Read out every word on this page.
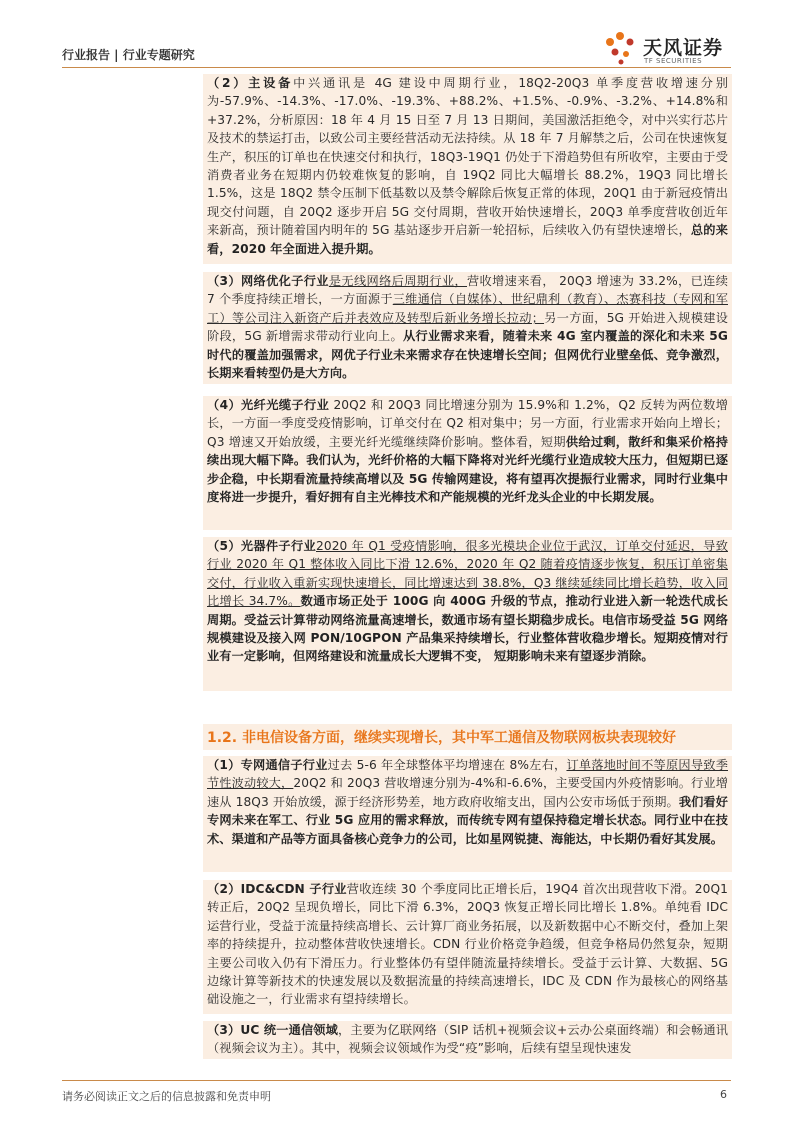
行业报告 | 行业专题研究	天风证券
TF SECURITIES

（2）主设备中兴通讯是 4G 建设中周期行业，18Q2-20Q3 单季度营收增速分别为-57.9%、-14.3%、-17.0%、-19.3%、+88.2%、+1.5%、-0.9%、-3.2%、+14.8%和+37.2%，分析原因：18 年 4 月 15 日至 7 月 13 日期间，美国激活拒绝令，对中兴实行芯片及技术的禁运打击，以致公司主要经营活动无法持续。从 18 年 7 月解禁之后，公司在快速恢复生产，积压的订单也在快速交付和执行，18Q3-19Q1 仍处于下滑趋势但有所收窄，主要由于受消费者业务在短期内仍较难恢复的影响，自 19Q2 同比大幅增长 88.2%，19Q3 同比增长 1.5%，这是 18Q2 禁令压制下低基数以及禁令解除后恢复正常的体现，20Q1 由于新冠疫情出现交付问题，自 20Q2 逐步开启 5G 交付周期，营收开始快速增长，20Q3 单季度营收创近年来新高，预计随着国内明年的 5G 基站逐步开启新一轮招标，后续收入仍有望快速增长，总的来看，2020 年全面进入提升期。

（3）网络优化子行业是无线网络后周期行业，营收增速来看， 20Q3 增速为 33.2%，已连续 7 个季度持续正增长，一方面源于三维通信（自媒体）、世纪鼎利（教育）、杰赛科技（专网和军工）等公司注入新资产后并表效应及转型后新业务增长拉动；另一方面，5G 开始进入规模建设阶段，5G 新增需求带动行业向上。从行业需求来看，随着未来 4G 室内覆盖的深化和未来 5G 时代的覆盖加强需求，网优子行业未来需求存在快速增长空间；但网优行业壁垒低、竞争激烈，长期来看转型仍是大方向。

（4）光纤光缆子行业 20Q2 和 20Q3 同比增速分别为 15.9%和 1.2%，Q2 反转为两位数增长，一方面一季度受疫情影响，订单交付在 Q2 相对集中；另一方面，行业需求开始向上增长；Q3 增速又开始放缓，主要光纤光缆继续降价影响。整体看，短期供给过剩，散纤和集采价格持续出现大幅下降。我们认为，光纤价格的大幅下降将对光纤光缆行业造成较大压力，但短期已逐步企稳，中长期看流量持续高增以及 5G 传输网建设，将有望再次提振行业需求，同时行业集中度将进一步提升，看好拥有自主光棒技术和产能规模的光纤龙头企业的中长期发展。

（5）光器件子行业2020 年 Q1 受疫情影响，很多光模块企业位于武汉，订单交付延迟，导致行业 2020 年 Q1 整体收入同比下滑 12.6%，2020 年 Q2 随着疫情逐步恢复，积压订单密集交付，行业收入重新实现快速增长，同比增速达到 38.8%，Q3 继续延续同比增长趋势，收入同比增长 34.7%。数通市场正处于 100G 向 400G 升级的节点，推动行业进入新一轮迭代成长周期。受益云计算带动网络流量高速增长，数通市场有望长期稳步成长。电信市场受益 5G 网络规模建设及接入网 PON/10GPON 产品集采持续增长，行业整体营收稳步增长。短期疫情对行业有一定影响，但网络建设和流量成长大逻辑不变， 短期影响未来有望逐步消除。

1.2. 非电信设备方面，继续实现增长，其中军工通信及物联网板块表现较好

（1）专网通信子行业过去 5-6 年全球整体平均增速在 8%左右，订单落地时间不等原因导致季节性波动较大，20Q2 和 20Q3 营收增速分别为-4%和-6.6%，主要受国内外疫情影响。行业增速从 18Q3 开始放缓，源于经济形势差，地方政府收缩支出，国内公安市场低于预期。我们看好专网未来在军工、行业 5G 应用的需求释放，而传统专网有望保持稳定增长状态。同行业中在技术、渠道和产品等方面具备核心竞争力的公司，比如星网锐捷、海能达，中长期仍看好其发展。

（2）IDC&CDN 子行业营收连续 30 个季度同比正增长后，19Q4 首次出现营收下滑。20Q1 转正后，20Q2 呈现负增长，同比下滑 6.3%，20Q3 恢复正增长同比增长 1.8%。单纯看 IDC 运营行业，受益于流量持续高增长、云计算厂商业务拓展，以及新数据中心不断交付，叠加上架率的持续提升，拉动整体营收快速增长。CDN 行业价格竞争趋缓，但竞争格局仍然复杂，短期主要公司收入仍有下滑压力。行业整体仍有望伴随流量持续增长。受益于云计算、大数据、5G 边缘计算等新技术的快速发展以及数据流量的持续高速增长，IDC 及 CDN 作为最核心的网络基础设施之一，行业需求有望持续增长。

（3）UC 统一通信领域，主要为亿联网络（SIP 话机+视频会议+云办公桌面终端）和会畅通讯（视频会议为主）。其中，视频会议领域作为受“疫”影响，后续有望呈现快速发

请务必阅读正文之后的信息披露和免责申明	6
